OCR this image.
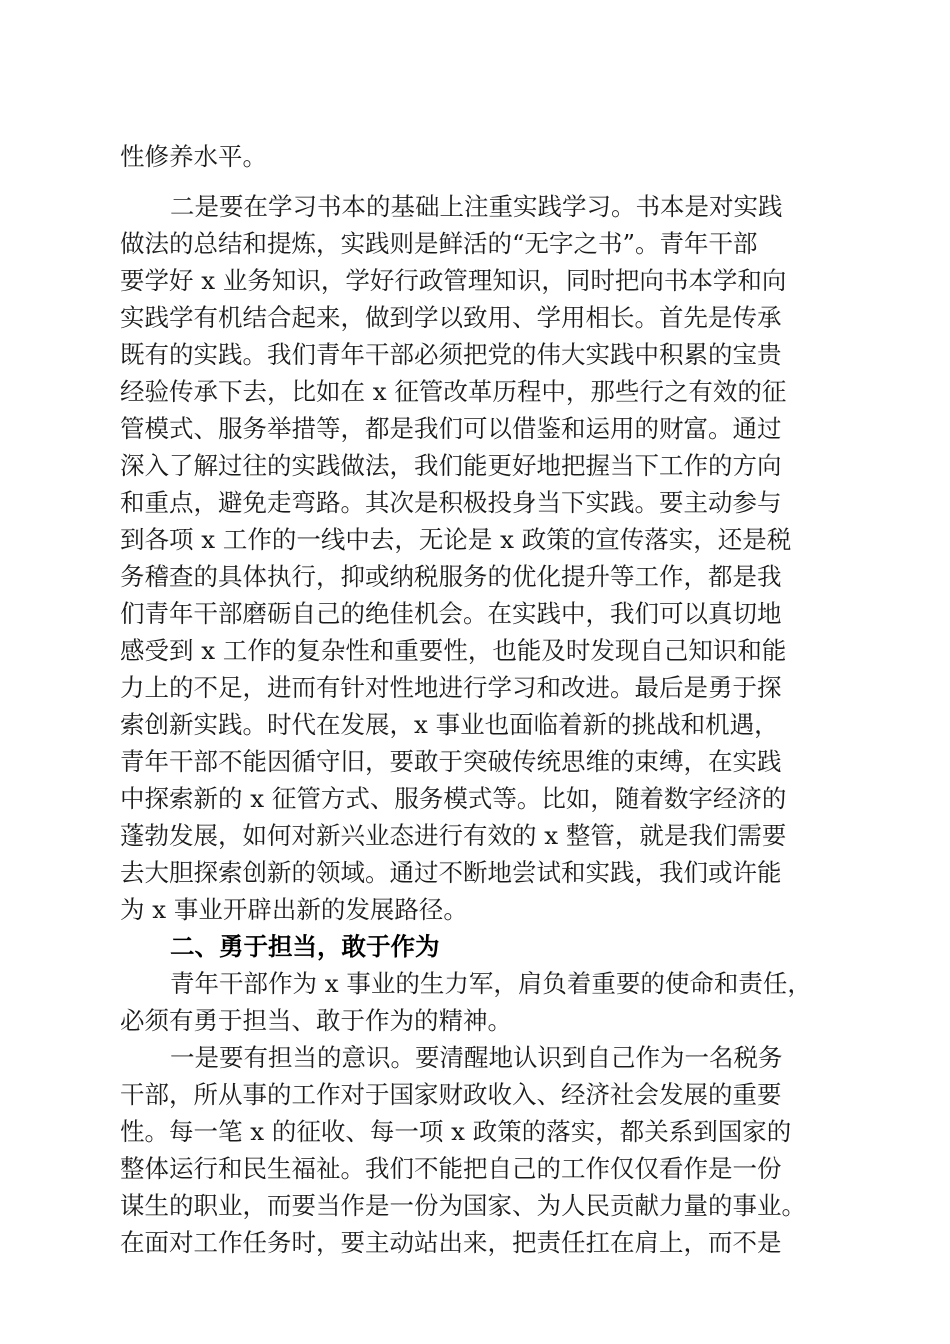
性修养水平。
二是要在学习书本的基础上注重实践学习。书本是对实践
做法的总结和提炼，实践则是鲜活的“无字之书”。青年干部
要学好 x 业务知识，学好行政管理知识，同时把向书本学和向
实践学有机结合起来，做到学以致用、学用相长。首先是传承
既有的实践。我们青年干部必须把党的伟大实践中积累的宝贵
经验传承下去，比如在 x 征管改革历程中，那些行之有效的征
管模式、服务举措等，都是我们可以借鉴和运用的财富。通过
深入了解过往的实践做法，我们能更好地把握当下工作的方向
和重点，避免走弯路。其次是积极投身当下实践。要主动参与
到各项 x 工作的一线中去，无论是 x 政策的宣传落实，还是税
务稽查的具体执行，抑或纳税服务的优化提升等工作，都是我
们青年干部磨砺自己的绝佳机会。在实践中，我们可以真切地
感受到 x 工作的复杂性和重要性，也能及时发现自己知识和能
力上的不足，进而有针对性地进行学习和改进。最后是勇于探
索创新实践。时代在发展，x 事业也面临着新的挑战和机遇，
青年干部不能因循守旧，要敢于突破传统思维的束缚，在实践
中探索新的 x 征管方式、服务模式等。比如，随着数字经济的
蓬勃发展，如何对新兴业态进行有效的 x 整管，就是我们需要
去大胆探索创新的领域。通过不断地尝试和实践，我们或许能
为 x 事业开辟出新的发展路径。
二、勇于担当，敢于作为
青年干部作为 x 事业的生力军，肩负着重要的使命和责任，
必须有勇于担当、敢于作为的精神。
一是要有担当的意识。要清醒地认识到自己作为一名税务
干部，所从事的工作对于国家财政收入、经济社会发展的重要
性。每一笔 x 的征收、每一项 x 政策的落实，都关系到国家的
整体运行和民生福祉。我们不能把自己的工作仅仅看作是一份
谋生的职业，而要当作是一份为国家、为人民贡献力量的事业。
在面对工作任务时，要主动站出来，把责任扛在肩上，而不是
